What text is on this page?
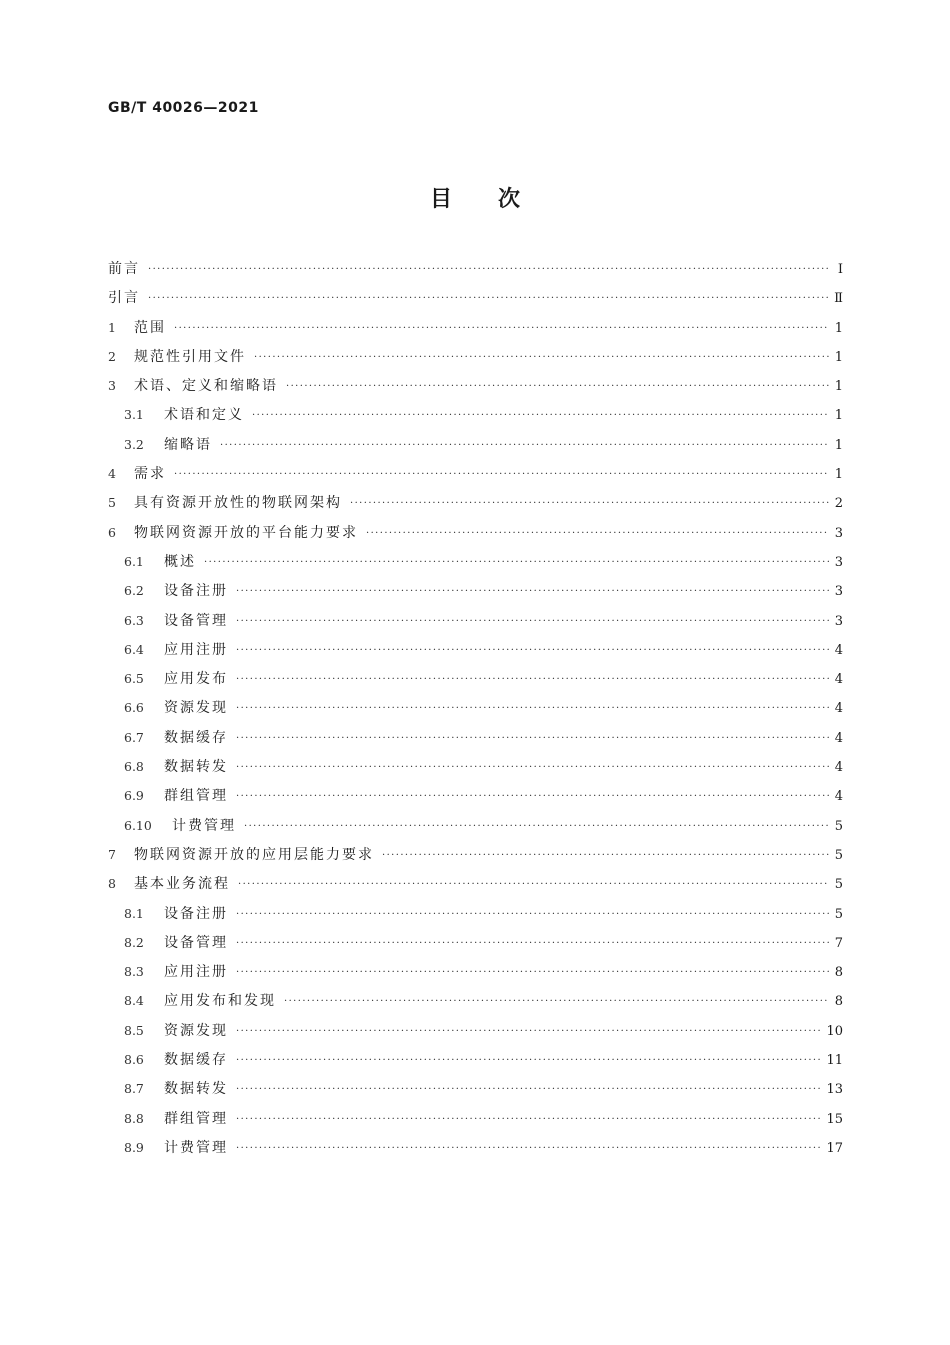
GB/T 40026—2021
目次
前言 ·····	Ⅰ
引言 ·····	Ⅱ
1	范围 ·····	1
2	规范性引用文件 ·····	1
3	术语、定义和缩略语 ·····	1
3.1	术语和定义 ·····	1
3.2	缩略语 ·····	1
4	需求 ·····	1
5	具有资源开放性的物联网架构 ·····	2
6	物联网资源开放的平台能力要求 ·····	3
6.1	概述 ·····	3
6.2	设备注册 ·····	3
6.3	设备管理 ·····	3
6.4	应用注册 ·····	4
6.5	应用发布 ·····	4
6.6	资源发现 ·····	4
6.7	数据缓存 ·····	4
6.8	数据转发 ·····	4
6.9	群组管理 ·····	4
6.10	计费管理 ·····	5
7	物联网资源开放的应用层能力要求 ·····	5
8	基本业务流程 ·····	5
8.1	设备注册 ·····	5
8.2	设备管理 ·····	7
8.3	应用注册 ·····	8
8.4	应用发布和发现 ·····	8
8.5	资源发现 ·····	10
8.6	数据缓存 ·····	11
8.7	数据转发 ·····	13
8.8	群组管理 ·····	15
8.9	计费管理 ·····	17
